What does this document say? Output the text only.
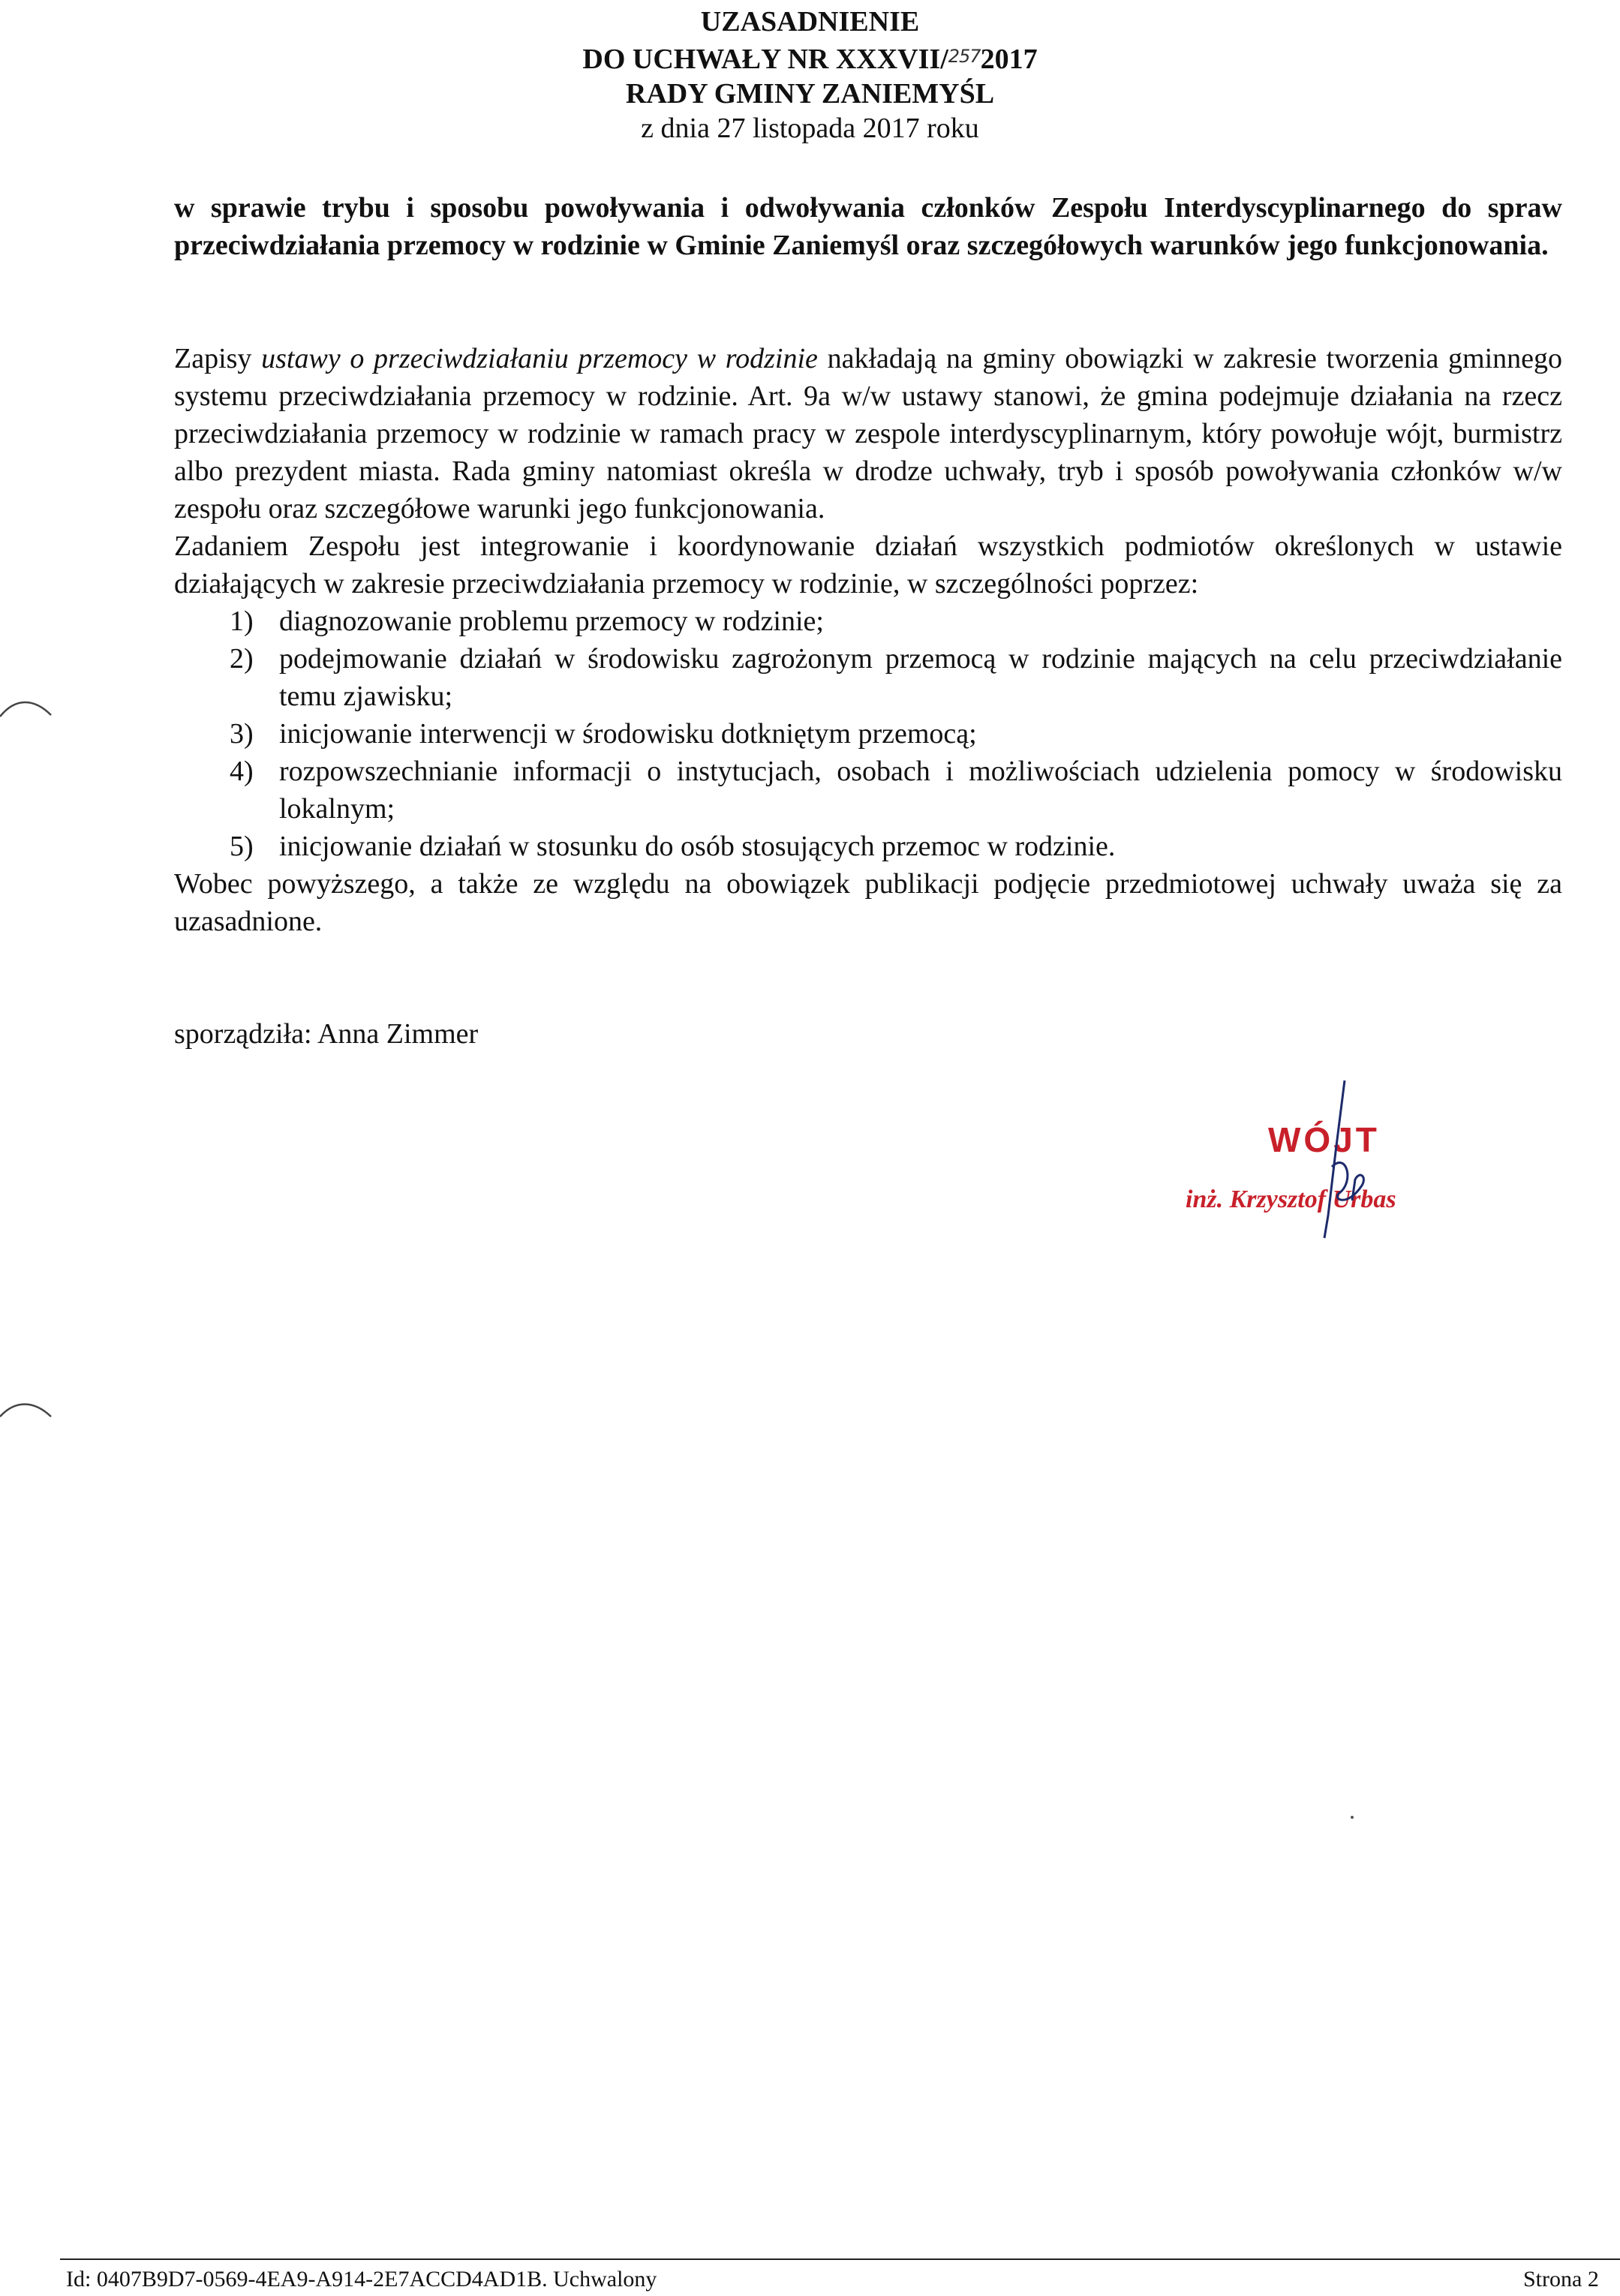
UZASADNIENIE
DO UCHWAŁY NR XXXVII/$^{257}$2017
RADY GMINY ZANIEMYŚL
z dnia 27 listopada 2017 roku
w sprawie trybu i sposobu powoływania i odwoływania członków Zespołu Interdyscyplinarnego do spraw przeciwdziałania przemocy w rodzinie w Gminie Zaniemyśl oraz szczegółowych warunków jego funkcjonowania.

Zapisy ustawy o przeciwdziałaniu przemocy w rodzinie nakładają na gminy obowiązki w zakresie tworzenia gminnego systemu przeciwdziałania przemocy w rodzinie. Art. 9a w/w ustawy stanowi, że gmina podejmuje działania na rzecz przeciwdziałania przemocy w rodzinie w ramach pracy w zespole interdyscyplinarnym, który powołuje wójt, burmistrz albo prezydent miasta. Rada gminy natomiast określa w drodze uchwały, tryb i sposób powoływania członków w/w zespołu oraz szczegółowe warunki jego funkcjonowania.

Zadaniem Zespołu jest integrowanie i koordynowanie działań wszystkich podmiotów określonych w ustawie działających w zakresie przeciwdziałania przemocy w rodzinie, w szczególności poprzez:

1) diagnozowanie problemu przemocy w rodzinie;
2) podejmowanie działań w środowisku zagrożonym przemocą w rodzinie mających na celu przeciwdziałanie temu zjawisku;
3) inicjowanie interwencji w środowisku dotkniętym przemocą;
4) rozpowszechnianie informacji o instytucjach, osobach i możliwościach udzielenia pomocy w środowisku lokalnym;
5) inicjowanie działań w stosunku do osób stosujących przemoc w rodzinie.

Wobec powyższego, a także ze względu na obowiązek publikacji podjęcie przedmiotowej uchwały uważa się za uzasadnione.

sporządziła: Anna Zimmer
WÓJT
inż. Krzysztof Urbas
Id: 0407B9D7-0569-4EA9-A914-2E7ACCD4AD1B. Uchwalony	Strona 2
